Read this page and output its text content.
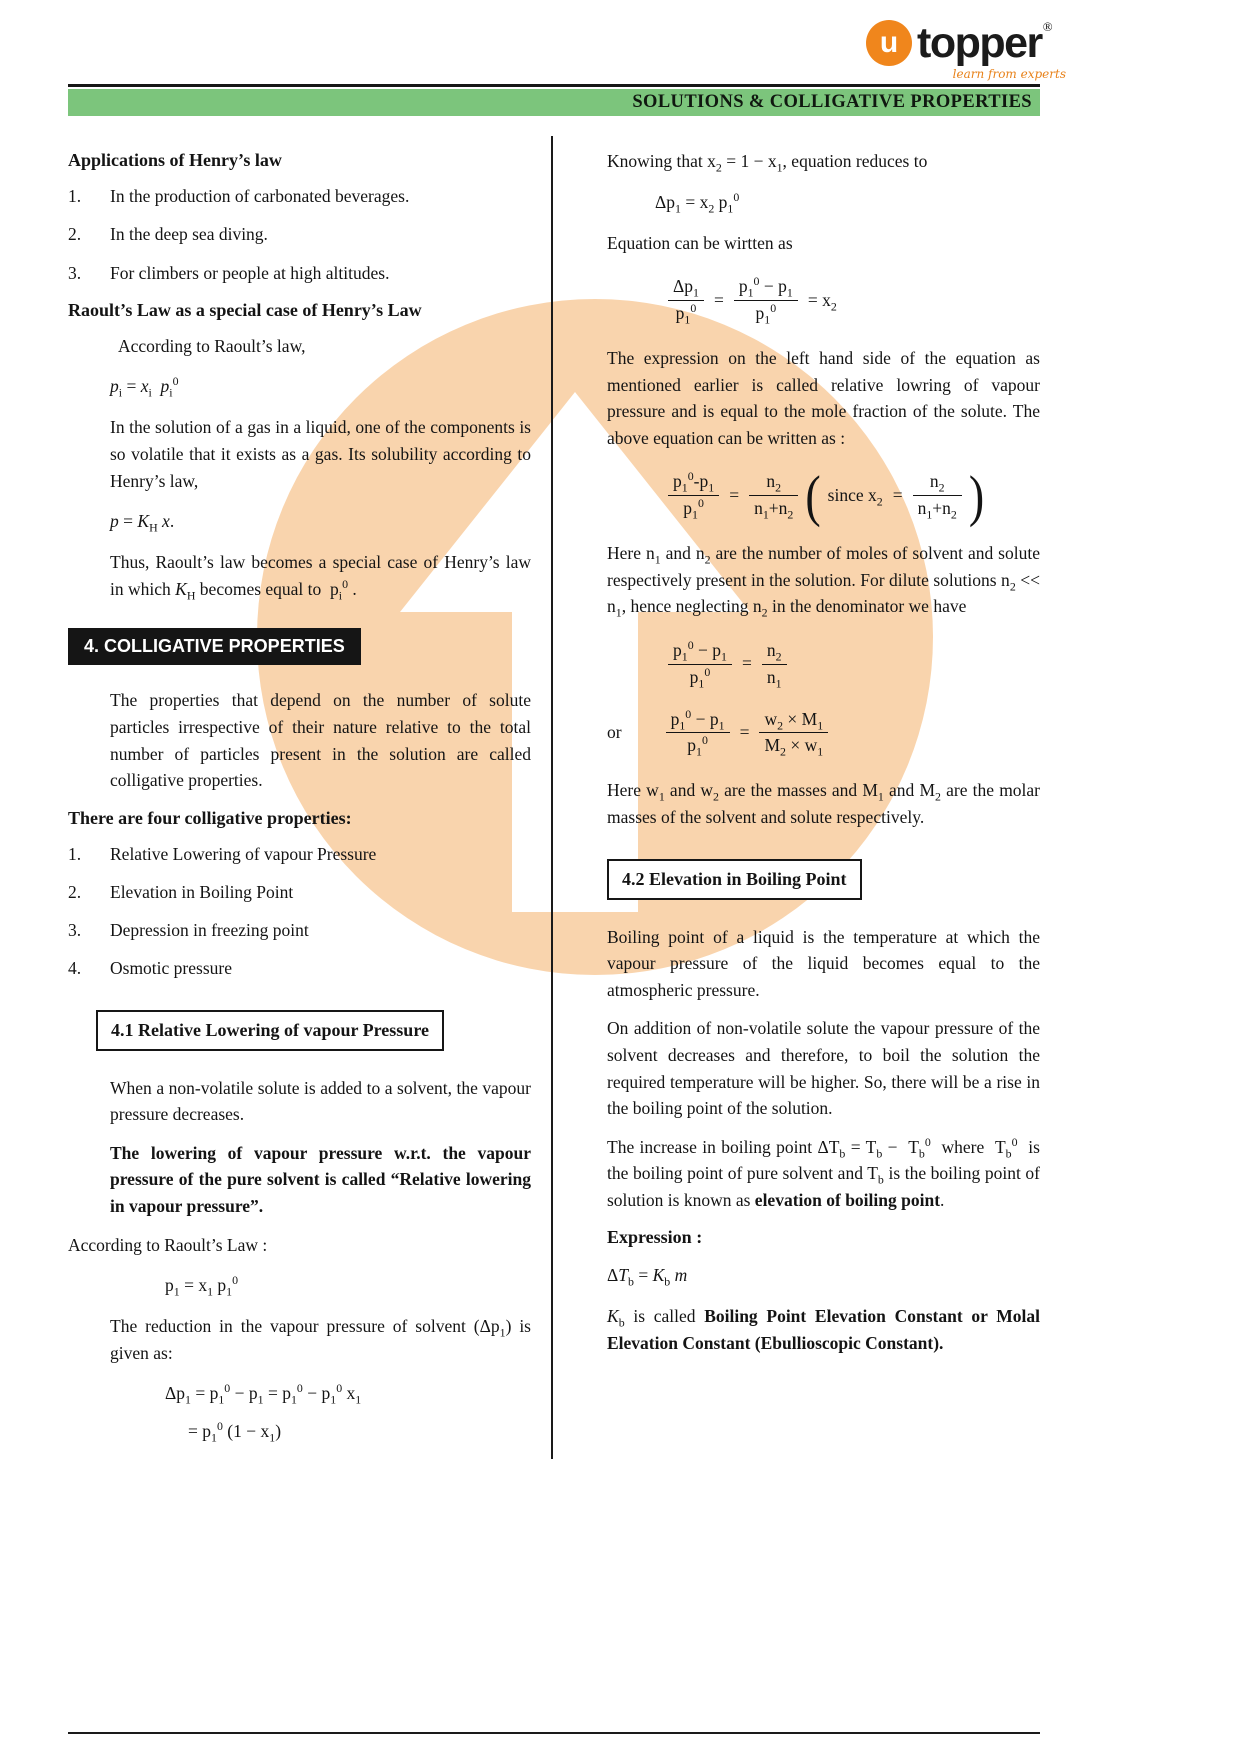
u topper ®
learn from experts
SOLUTIONS & COLLIGATIVE PROPERTIES
Applications of Henry’s law
1.	In the production of carbonated beverages.
2.	In the deep sea diving.
3.	For climbers or people at high altitudes.
Raoult’s Law as a special case of Henry’s Law

According to Raoult’s law,

$p_i = x_i$ $p_i^0$

In the solution of a gas in a liquid, one of the components is so volatile that it exists as a gas. Its solubility according to Henry’s law,

$p = K_H$ x.

Thus, Raoult’s law becomes a special case of Henry’s law in which $K_H$ becomes equal to  $p_i^0$ .

4. COLLIGATIVE PROPERTIES

The properties that depend on the number of solute particles irrespective of their nature relative to the total number of particles present in the solution are called colligative properties.

There are four colligative properties:
1.	Relative Lowering of vapour Pressure
2.	Elevation in Boiling Point
3.	Depression in freezing point
4.	Osmotic pressure
4.1 Relative Lowering of vapour Pressure

When a non-volatile solute is added to a solvent, the vapour pressure decreases.

The lowering of vapour pressure w.r.t. the vapour pressure of the pure solvent is called “Relative lowering in vapour pressure”.

According to Raoult’s Law :

$p_1 = x_1$ $p_1^0$

The reduction in the vapour pressure of solvent $(\Delta p_1)$ is given as:

$\Delta p_1 = p_1^0 - p_1 = p_1^0 - p_1^0$ $x_1$

= $p_1^0$ $(1 - x_1)$

Knowing that $x_2 = 1 - x_1$, equation reduces to

$\Delta p_1 = x_2$ $p_1^0$

Equation can be wirtten as

$\frac{\Delta p_1}{p_1^0} = \frac{p_1^0 - p_1}{p_1^0} = x_2$

The expression on the left hand side of the equation as mentioned earlier is called relative lowring of vapour pressure and is equal to the mole fraction of the solute. The above equation can be written as :

$\frac{p_1^0-p_1}{p_1^0} = \frac{n_2}{n_1+n_2}$ ( since $x_2 = \frac{n_2}{n_1+n_2}$ )

Here $n_1$ and $n_2$ are the number of moles of solvent and solute respectively present in the solution. For dilute solutions $n_2 << n_1$, hence neglecting $n_2$ in the denominator we have

$\frac{p_1^0 - p_1}{p_1^0} = \frac{n_2}{n_1}$
or	$\frac{p_1^0 - p_1}{p_1^0} = \frac{w_2 \times M_1}{M_2 \times w_1}$

Here $w_1$ and $w_2$ are the masses and $M_1$ and $M_2$ are the molar masses of the solvent and solute respectively.

4.2 Elevation in Boiling Point

Boiling point of a liquid is the temperature at which the vapour pressure of the liquid becomes equal to the atmospheric pressure.

On addition of non-volatile solute the vapour pressure of the solvent decreases and therefore, to boil the solution the required temperature will be higher. So, there will be a rise in the boiling point of the solution.

The increase in boiling point $\Delta T_b = T_b - T_b^0$  where  $T_b^0$  is the boiling point of pure solvent and $T_b$ is the boiling point of solution is known as elevation of boiling point.

Expression :

$\Delta T_b = K_b$ m

$K_b$ is called Boiling Point Elevation Constant or Molal Elevation Constant (Ebullioscopic Constant).
